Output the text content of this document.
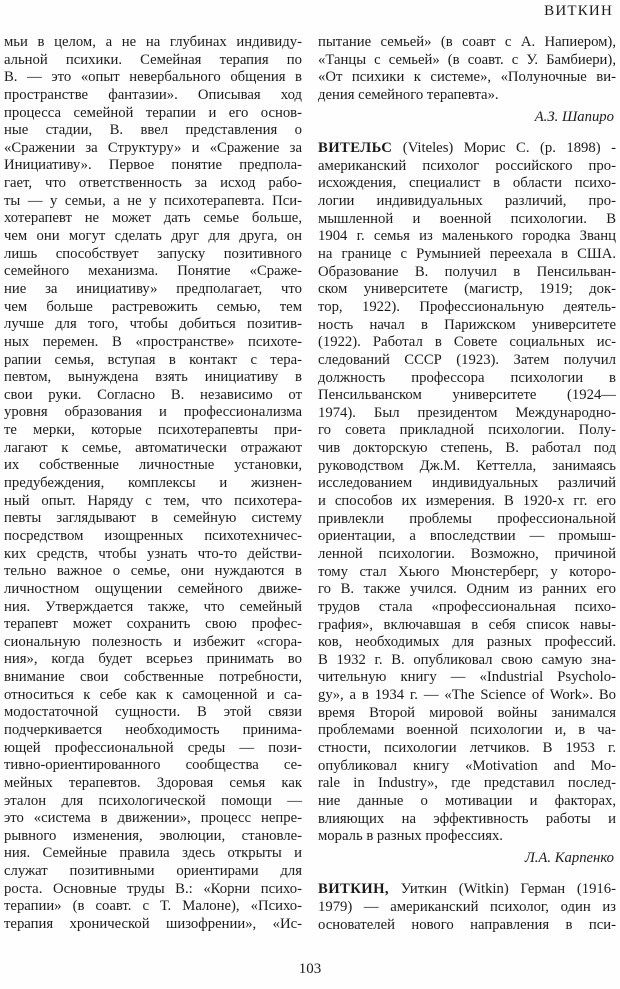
ВИТКИН
мьи в целом, а не на глубинах индивиду-
альной психики. Семейная терапия по
В. — это «опыт невербального общения в
пространстве фантазии». Описывая ход
процесса семейной терапии и его основ-
ные стадии, В. ввел представления о
«Сражении за Структуру» и «Сражение за
Инициативу». Первое понятие предпола-
гает, что ответственность за исход рабо-
ты — у семьи, а не у психотерапевта. Пси-
хотерапевт не может дать семье больше,
чем они могут сделать друг для друга, он
лишь способствует запуску позитивного
семейного механизма. Понятие «Сраже-
ние за инициативу» предполагает, что
чем больше растревожить семью, тем
лучше для того, чтобы добиться позитив-
ных перемен. В «пространстве» психоте-
рапии семья, вступая в контакт с тера-
певтом, вынуждена взять инициативу в
свои руки. Согласно В. независимо от
уровня образования и профессионализма
те мерки, которые психотерапевты при-
лагают к семье, автоматически отражают
их собственные личностные установки,
предубеждения, комплексы и жизнен-
ный опыт. Наряду с тем, что психотера-
певты заглядывают в семейную систему
посредством изощренных психотехничес-
ких средств, чтобы узнать что-то действи-
тельно важное о семье, они нуждаются в
личностном ощущении семейного движе-
ния. Утверждается также, что семейный
терапевт может сохранить свою профес-
сиональную полезность и избежит «сгора-
ния», когда будет всерьез принимать во
внимание свои собственные потребности,
относиться к себе как к самоценной и са-
модостаточной сущности. В этой связи
подчеркивается необходимость принима-
ющей профессиональной среды — пози-
тивно-ориентированного сообщества се-
мейных терапевтов. Здоровая семья как
эталон для психологической помощи —
это «система в движении», процесс непре-
рывного изменения, эволюции, становле-
ния. Семейные правила здесь открыты и
служат позитивными ориентирами для
роста. Основные труды В.: «Корни психо-
терапии» (в соавт. с Т. Малоне), «Психо-
терапия хронической шизофрении», «Ис-
пытание семьей» (в соавт с А. Напиером),
«Танцы с семьей» (в соавт. с У. Бамбиери),
«От психики к системе», «Полуночные ви-
дения семейного терапевта».
А.З. Шапиро
ВИТЕЛЬС (Viteles) Морис С. (р. 1898) -
американский психолог российского про-
исхождения, специалист в области психо-
логии индивидуальных различий, про-
мышленной и военной психологии. В
1904 г. семья из маленького городка Званц
на границе с Румынией переехала в США.
Образование В. получил в Пенсильван-
ском университете (магистр, 1919; док-
тор, 1922). Профессиональную деятель-
ность начал в Парижском университете
(1922). Работал в Совете социальных ис-
следований СССР (1923). Затем получил
должность профессора психологии в
Пенсильванском университете (1924—
1974). Был президентом Международно-
го совета прикладной психологии. Полу-
чив докторскую степень, В. работал под
руководством Дж.М. Кеттелла, занимаясь
исследованием индивидуальных различий
и способов их измерения. В 1920-х гг. его
привлекли проблемы профессиональной
ориентации, а впоследствии — промыш-
ленной психологии. Возможно, причиной
тому стал Хьюго Мюнстерберг, у которо-
го В. также учился. Одним из ранних его
трудов стала «профессиональная психо-
графия», включавшая в себя список навы-
ков, необходимых для разных профессий.
В 1932 г. В. опубликовал свою самую зна-
чительную книгу — «Industrial Psycholo-
gy», а в 1934 г. — «The Science of Work». Во
время Второй мировой войны занимался
проблемами военной психологии и, в ча-
стности, психологии летчиков. В 1953 г.
опубликовал книгу «Motivation and Mo-
rale in Industry», где представил послед-
ние данные о мотивации и факторах,
влияющих на эффективность работы и
мораль в разных профессиях.
Л.А. Карпенко
ВИТКИН, Уиткин (Witkin) Герман (1916-
1979) — американский психолог, один из
основателей нового направления в пси-
103
